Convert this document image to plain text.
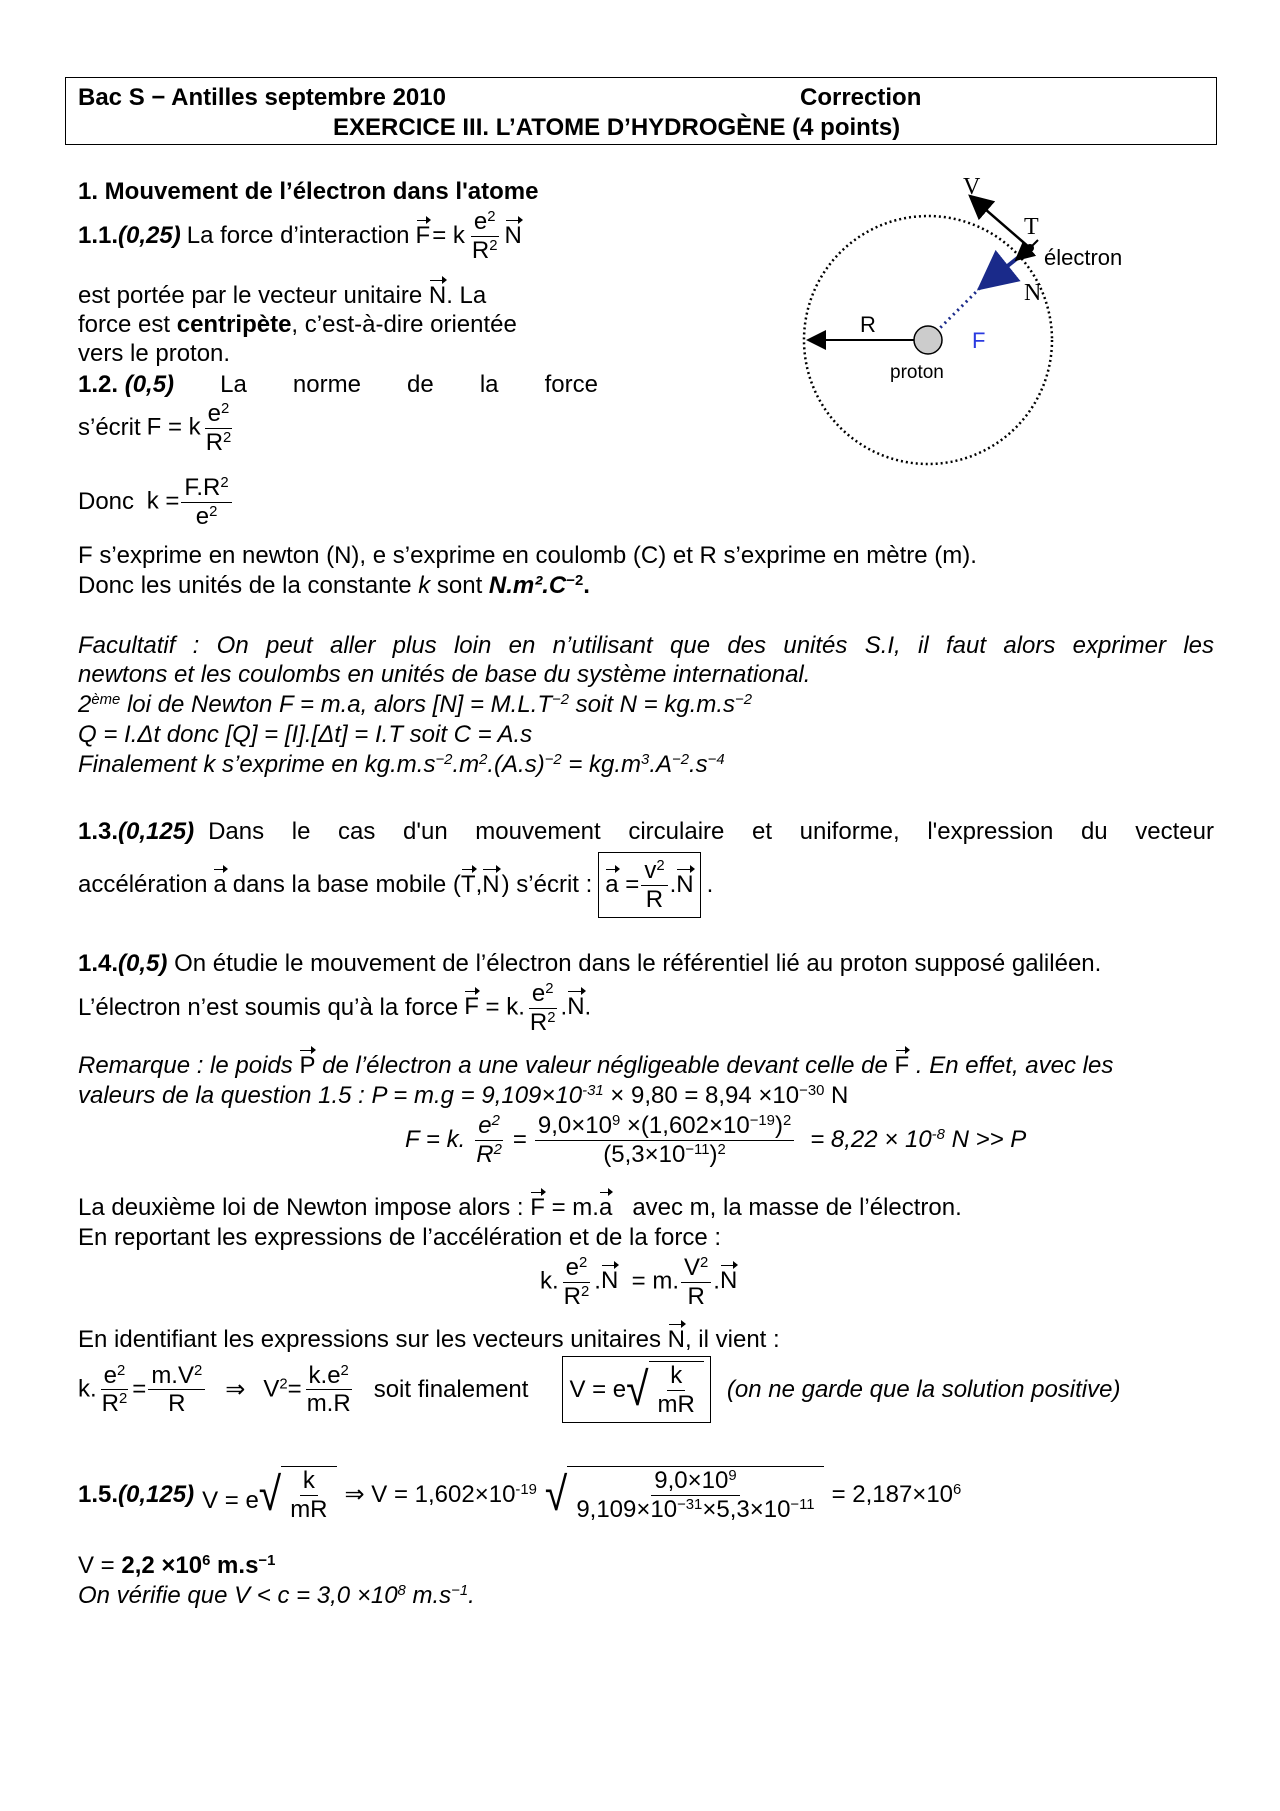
Bac S − Antilles septembre 2010	Correction
EXERCICE III. L’ATOME D’HYDROGÈNE (4 points)
1. Mouvement de l’électron dans l'atome
1.1. (0,25) La force d’interaction F = k $\frac{e^2}{R^2}$ N
est portée par le vecteur unitaire N. La
force est centripète, c’est-à-dire orientée
vers le proton.
1.2. (0,5) La norme de la force
s’écrit F = k $\frac{e^2}{R^2}$
Donc $k = \frac{F.R^2}{e^2}$
F s’exprime en newton (N), e s’exprime en coulomb (C) et R s’exprime en mètre (m).
Donc les unités de la constante k sont $N.m^2.C^{-2}$.
Facultatif : On peut aller plus loin en n’utilisant que des unités S.I, il faut alors exprimer les
newtons et les coulombs en unités de base du système international.
2ème loi de Newton F = m.a, alors $[N] = M.L.T^{-2}$ soit $N = kg.m.s^{-2}$
Q = I.Δt donc [Q] = [I].[Δt] = I.T soit C = A.s
Finalement k s’exprime en $kg.m.s^{-2}.m^2.(A.s)^{-2} = kg.m^3.A^{-2}.s^{-4}$
1.3.(0,125) Dans le cas d'un mouvement circulaire et uniforme, l'expression du vecteur
accélération a dans la base mobile ( T,N ) s’écrit : $a = \frac{v^2}{R}$ . N .
1.4.(0,5) On étudie le mouvement de l’électron dans le référentiel lié au proton supposé galiléen.
L’électron n’est soumis qu’à la force F = k. $\frac{e^2}{R^2} .N$.
Remarque : le poids P de l’électron a une valeur négligeable devant celle de F . En effet, avec les
valeurs de la question 1.5 : $P = m.g = 9,109\times 10^{-31} \times 9,80 = 8,94 \times 10^{-30}$ N
F = k. $\frac{e^2}{R^2} = \frac{9,0\times 10^9 \times(1,602\times 10^{-19})^2}{(5,3\times 10^{-11})^2} = 8,22 \times 10^{-8}$ N >> P
La deuxième loi de Newton impose alors : F = m.a avec m, la masse de l’électron.
En reportant les expressions de l’accélération et de la force :
k. $\frac{e^2}{R^2} .N = m$. $\frac{V^2}{R} .N$
En identifiant les expressions sur les vecteurs unitaires N, il vient :
k. $\frac{e^2}{R^2} = \frac{m.V^2}{R}$ ⇒ $V^2= \frac{k.e^2}{m.R}$ soit finalement V = e √ $\frac{k}{mR} (on$ ne garde que la solution positive)
1.5.(0,125) V = e √ $\frac{k}{mR}$ ⇒ $V = 1,602\times 10^{-19}$ √ $\frac{9,0\times 10^9}{9,109\times 10^{-31}\times 5,3\times 10^{-11}} = 2,187\times 10^6$
$V = 2,2 \times 10^6$ $m.s^{-1}$
On vérifie que $V < c = 3,0 \times 10^8$ $m.s^{-1}$.
V
T
électron
N
R
F
proton
